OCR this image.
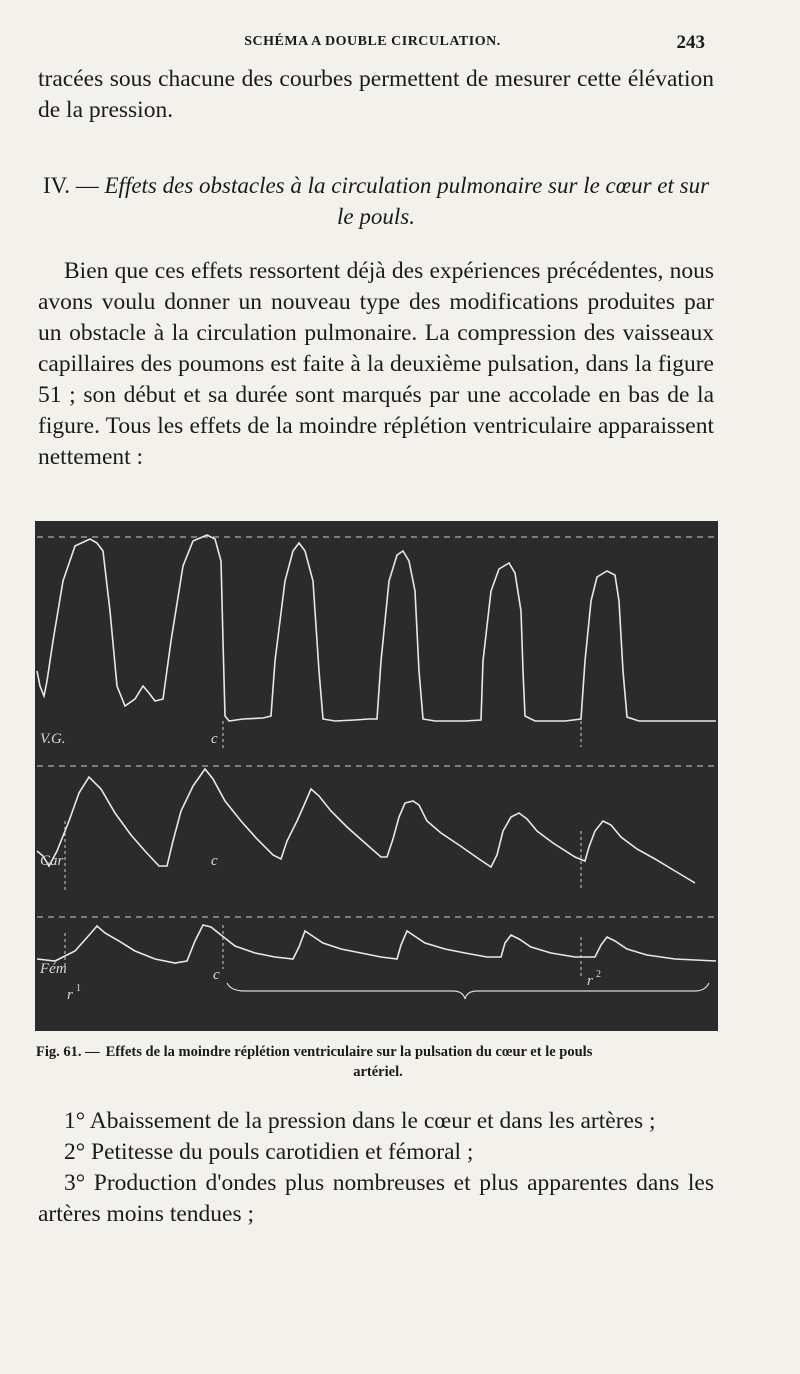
SCHÉMA A DOUBLE CIRCULATION.	243

tracées sous chacune des courbes permettent de mesurer cette élévation de la pression.

IV. — Effets des obstacles à la circulation pulmonaire sur le cœur et sur le pouls.

Bien que ces effets ressortent déjà des expériences précédentes, nous avons voulu donner un nouveau type des modifications produites par un obstacle à la circulation pulmonaire. La compression des vaisseaux capillaires des poumons est faite à la deuxième pulsation, dans la figure 51 ; son début et sa durée sont marqués par une accolade en bas de la figure. Tous les effets de la moindre réplétion ventriculaire apparaissent nettement :

V.G.	c
Car	c
Fém	c
r 1	r 2
Fig. 61. — Effets de la moindre réplétion ventriculaire sur la pulsation du cœur et le pouls
artériel.

1° Abaissement de la pression dans le cœur et dans les artères ;

2° Petitesse du pouls carotidien et fémoral ;

3° Production d'ondes plus nombreuses et plus apparentes dans les artères moins tendues ;
